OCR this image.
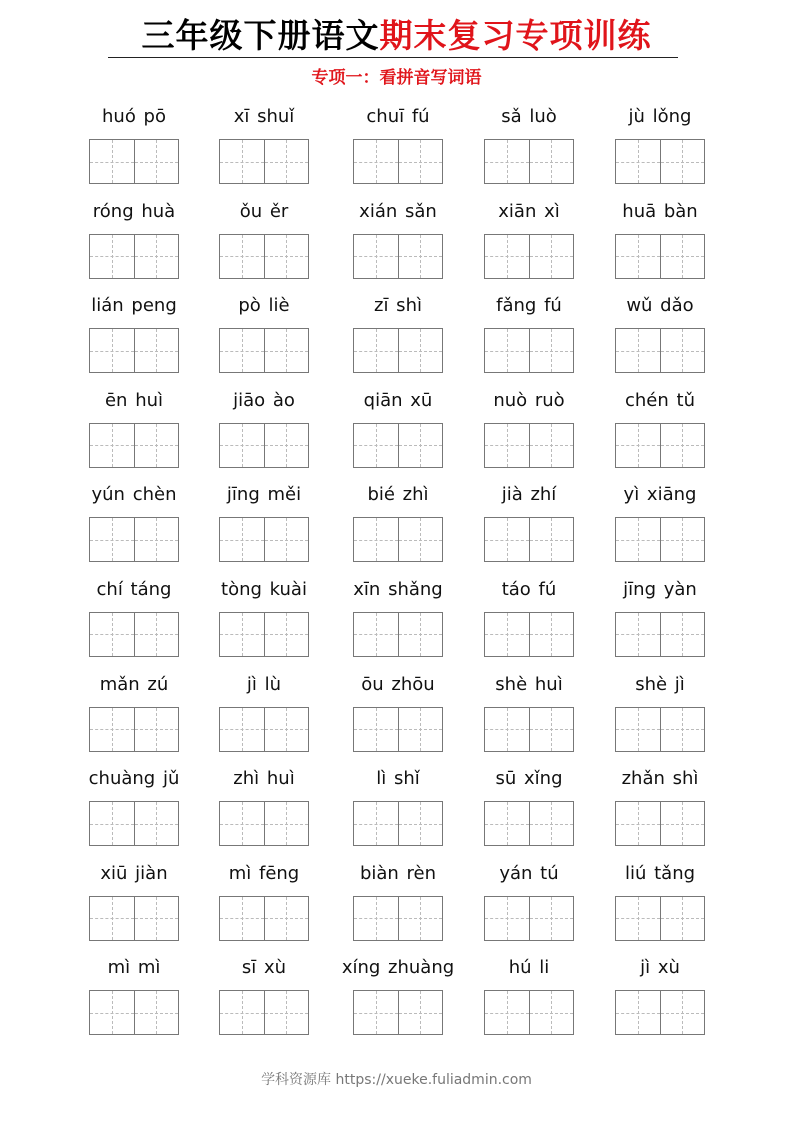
三年级下册语文期末复习专项训练
专项一：看拼音写词语
huó pō	xī shuǐ	chuī fú	sǎ luò	jù lǒng
róng huà	ǒu ěr	xián sǎn	xiān xì	huā bàn
lián peng	pò liè	zī shì	fǎng fú	wǔ dǎo
ēn huì	jiāo ào	qiān xū	nuò ruò	chén tǔ
yún chèn	jīng měi	bié zhì	jià zhí	yì xiāng
chí táng	tòng kuài	xīn shǎng	táo fú	jīng yàn
mǎn zú	jì lù	ōu zhōu	shè huì	shè jì
chuàng jǔ	zhì huì	lì shǐ	sū xǐng	zhǎn shì
xiū jiàn	mì fēng	biàn rèn	yán tú	liú tǎng
mì mì	sī xù	xíng zhuàng	hú li	jì xù
学科资源库 https://xueke.fuliadmin.com
